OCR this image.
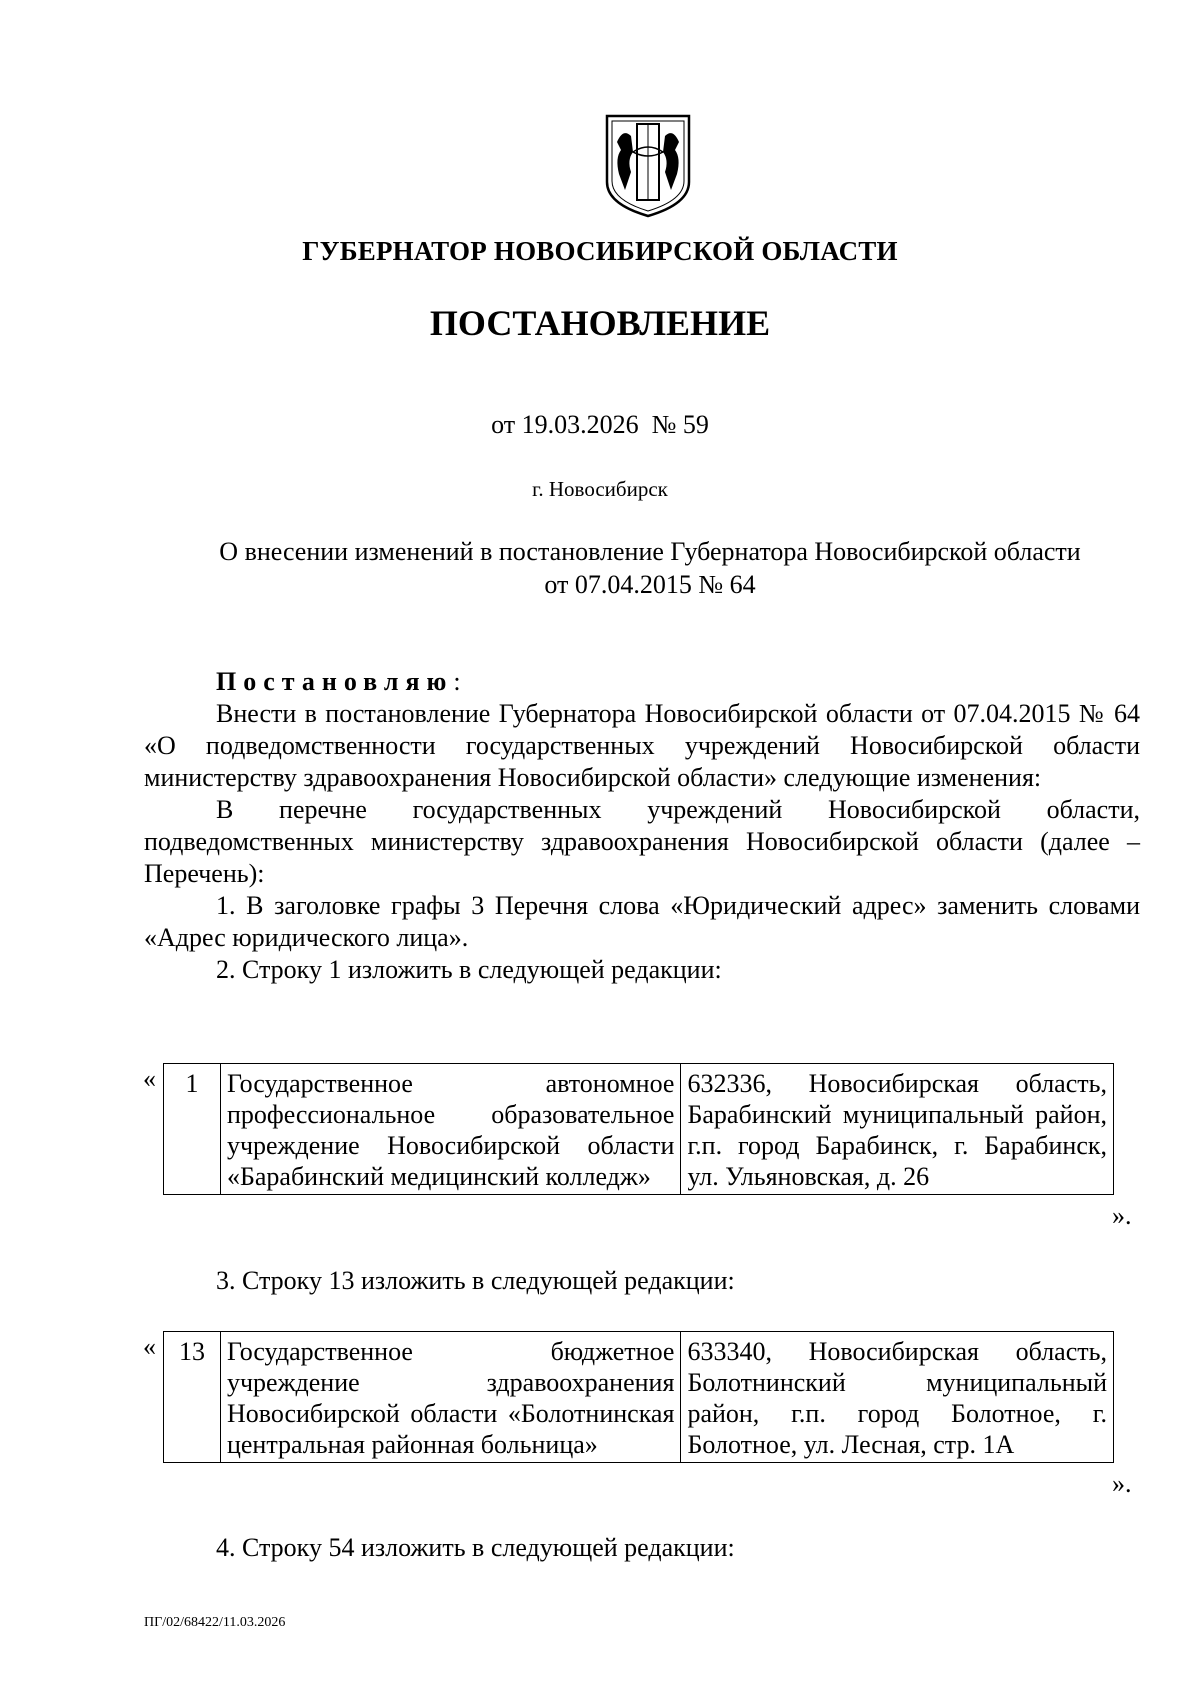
ГУБЕРНАТОР НОВОСИБИРСКОЙ ОБЛАСТИ
ПОСТАНОВЛЕНИЕ
от 19.03.2026  № 59
г. Новосибирск
О внесении изменений в постановление Губернатора Новосибирской области
от 07.04.2015 № 64

Постановляю:

Внести в постановление Губернатора Новосибирской области от 07.04.2015 № 64 «О подведомственности государственных учреждений Новосибирской области министерству здравоохранения Новосибирской области» следующие изменения:

В перечне государственных учреждений Новосибирской области, подведомственных министерству здравоохранения Новосибирской области (далее – Перечень):

1. В заголовке графы 3 Перечня слова «Юридический адрес» заменить словами «Адрес юридического лица».

2. Строку 1 изложить в следующей редакции:

« 1	Государственное автономное профессиональное образовательное учреждение Новосибирской области «Барабинский медицинский колледж»	632336, Новосибирская область, Барабинский муниципальный район, г.п. город Барабинск, г. Барабинск, ул. Ульяновская, д. 26
».

3. Строку 13 изложить в следующей редакции:

« 13	Государственное бюджетное учреждение здравоохранения Новосибирской области «Болотнинская центральная районная больница»	633340, Новосибирская область, Болотнинский муниципальный район, г.п. город Болотное, г. Болотное, ул. Лесная, стр. 1А
».

4. Строку 54 изложить в следующей редакции:

ПГ/02/68422/11.03.2026
